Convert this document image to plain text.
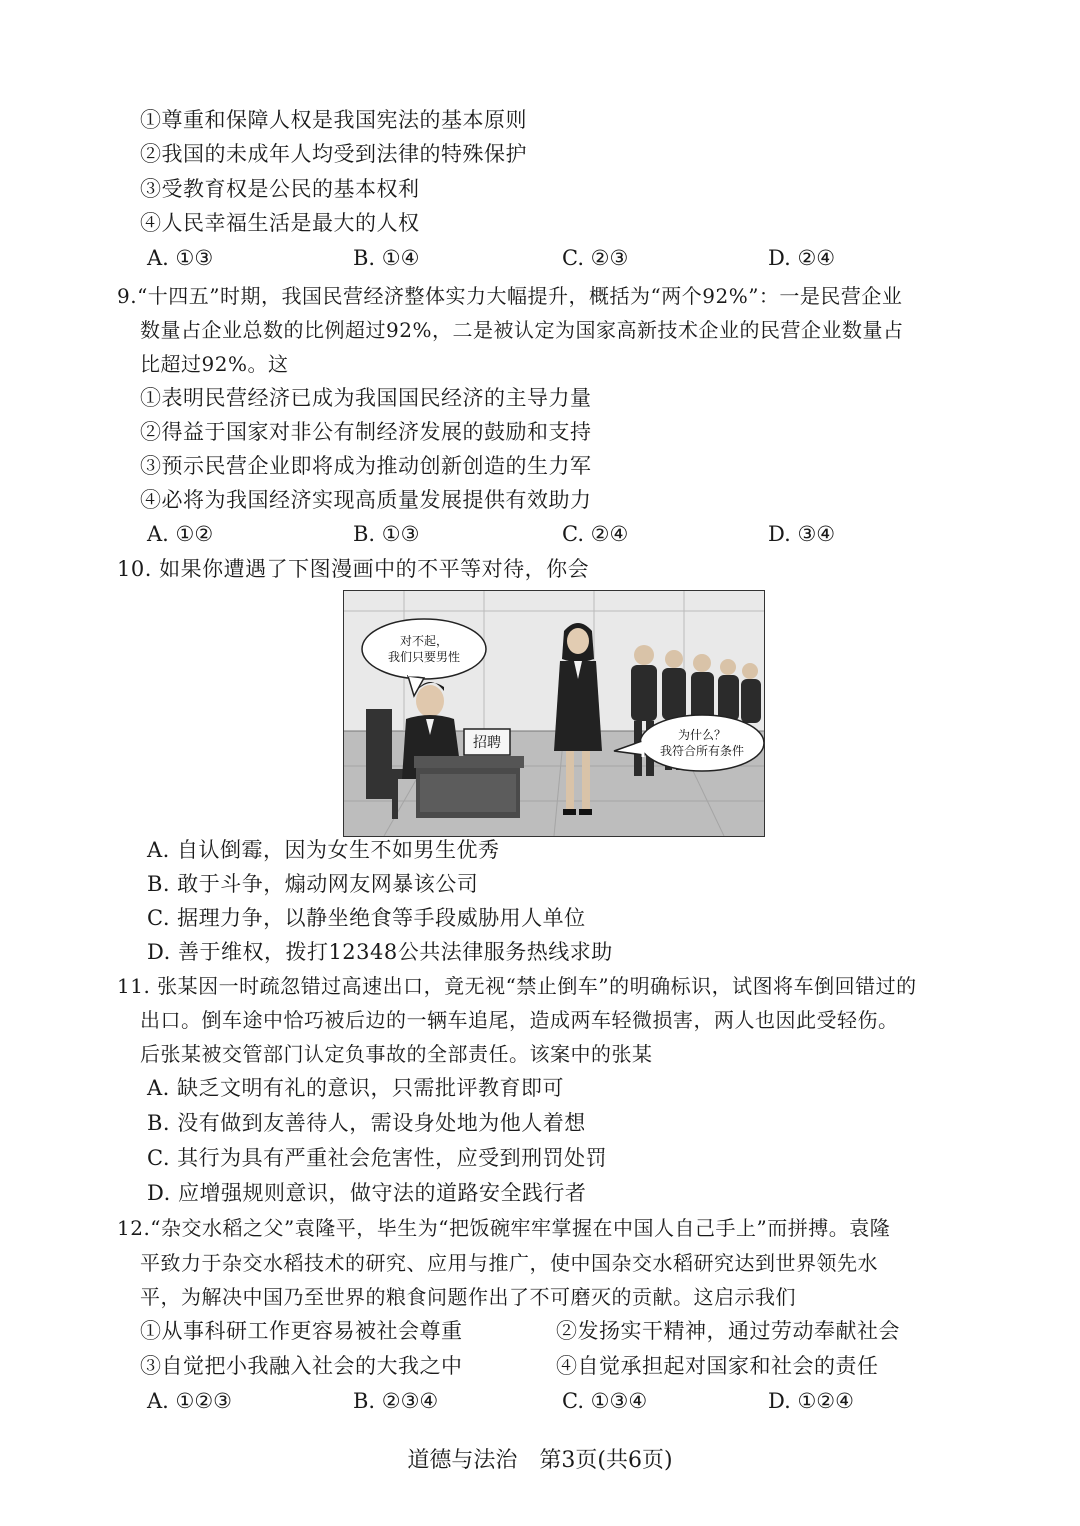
①尊重和保障人权是我国宪法的基本原则
②我国的未成年人均受到法律的特殊保护
③受教育权是公民的基本权利
④人民幸福生活是最大的人权
A. ①③	B. ①④	C. ②③	D. ②④
9.“十四五”时期，我国民营经济整体实力大幅提升，概括为“两个92%”：一是民营企业
数量占企业总数的比例超过92%，二是被认定为国家高新技术企业的民营企业数量占
比超过92%。这
①表明民营经济已成为我国国民经济的主导力量
②得益于国家对非公有制经济发展的鼓励和支持
③预示民营企业即将成为推动创新创造的生力军
④必将为我国经济实现高质量发展提供有效助力
A. ①②	B. ①③	C. ②④	D. ③④
10. 如果你遭遇了下图漫画中的不平等对待，你会
招聘
对不起，
我们只要男性
为什么？
我符合所有条件
A. 自认倒霉，因为女生不如男生优秀
B. 敢于斗争，煽动网友网暴该公司
C. 据理力争，以静坐绝食等手段威胁用人单位
D. 善于维权，拨打12348公共法律服务热线求助
11. 张某因一时疏忽错过高速出口，竟无视“禁止倒车”的明确标识，试图将车倒回错过的
出口。倒车途中恰巧被后边的一辆车追尾，造成两车轻微损害，两人也因此受轻伤。
后张某被交管部门认定负事故的全部责任。该案中的张某
A. 缺乏文明有礼的意识，只需批评教育即可
B. 没有做到友善待人，需设身处地为他人着想
C. 其行为具有严重社会危害性，应受到刑罚处罚
D. 应增强规则意识，做守法的道路安全践行者
12.“杂交水稻之父”袁隆平，毕生为“把饭碗牢牢掌握在中国人自己手上”而拼搏。袁隆
平致力于杂交水稻技术的研究、应用与推广，使中国杂交水稻研究达到世界领先水
平，为解决中国乃至世界的粮食问题作出了不可磨灭的贡献。这启示我们
①从事科研工作更容易被社会尊重	②发扬实干精神，通过劳动奉献社会
③自觉把小我融入社会的大我之中	④自觉承担起对国家和社会的责任
A. ①②③	B. ②③④	C. ①③④	D. ①②④
道德与法治　第3页(共6页)
